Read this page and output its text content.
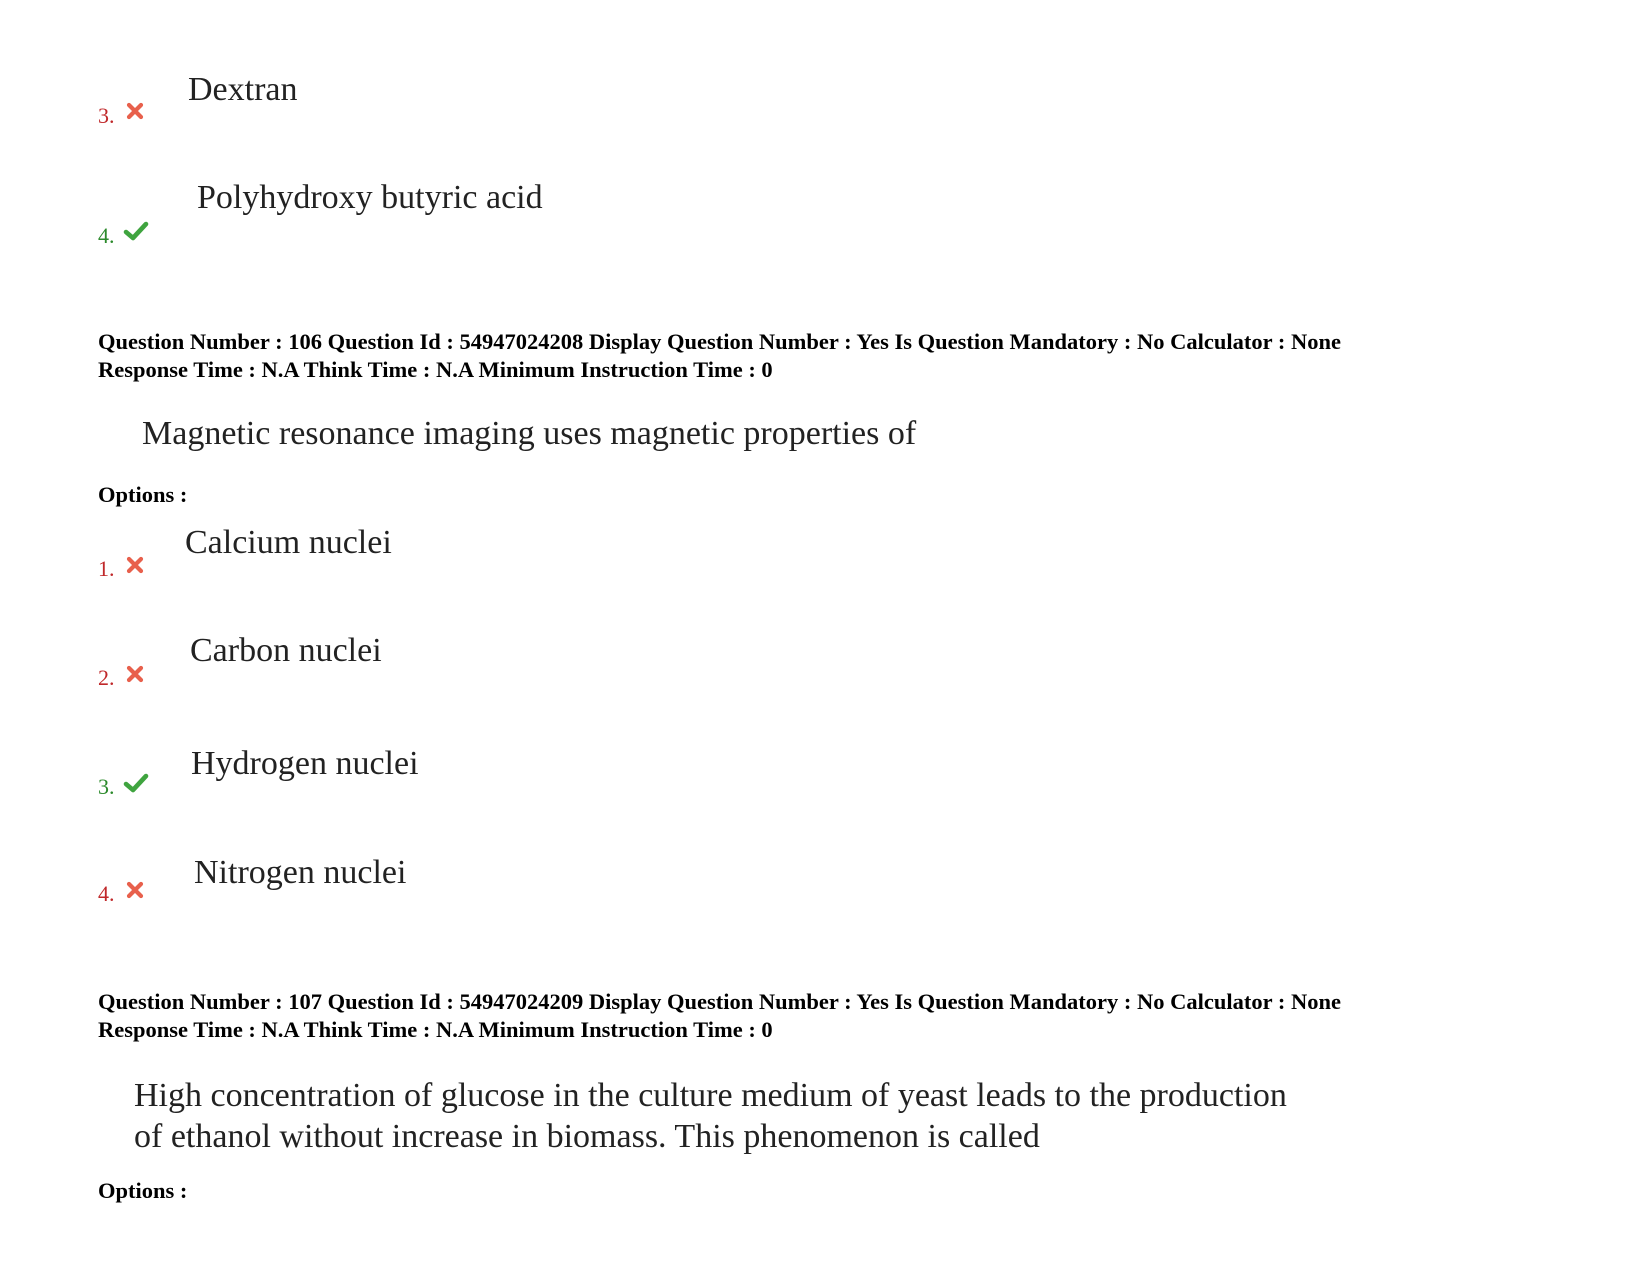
3.
Dextran
4.
Polyhydroxy butyric acid
Question Number : 106 Question Id : 54947024208 Display Question Number : Yes Is Question Mandatory : No Calculator : None
Response Time : N.A Think Time : N.A Minimum Instruction Time : 0
Magnetic resonance imaging uses magnetic properties of
Options :
1.
Calcium nuclei
2.
Carbon nuclei
3.
Hydrogen nuclei
4.
Nitrogen nuclei
Question Number : 107 Question Id : 54947024209 Display Question Number : Yes Is Question Mandatory : No Calculator : None
Response Time : N.A Think Time : N.A Minimum Instruction Time : 0
High concentration of glucose in the culture medium of yeast leads to the production
of ethanol without increase in biomass. This phenomenon is called
Options :
